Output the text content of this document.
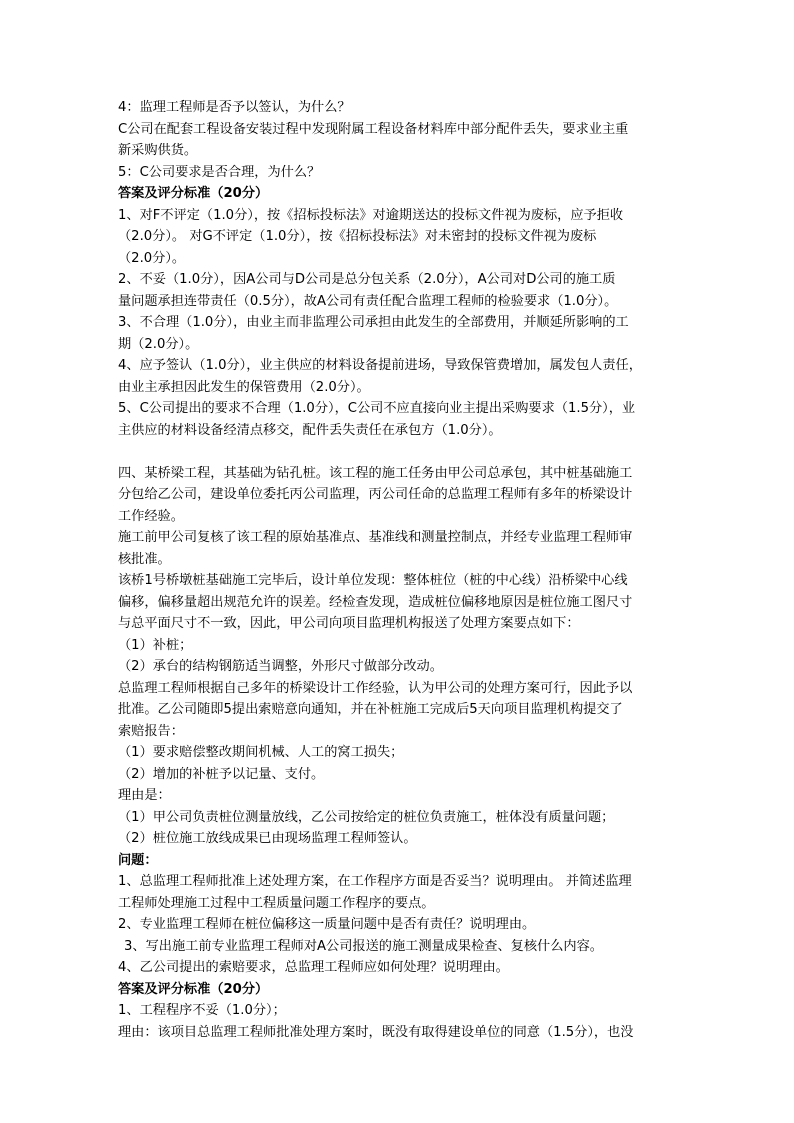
4：监理工程师是否予以签认，为什么？

C公司在配套工程设备安装过程中发现附属工程设备材料库中部分配件丢失，要求业主重

新采购供货。

5：C公司要求是否合理，为什么？

答案及评分标准（20分）

1、对F不评定（1.0分），按《招标投标法》对逾期送达的投标文件视为废标，应予拒收

（2.0分）。 对G不评定（1.0分），按《招标投标法》对未密封的投标文件视为废标

（2.0分）。

2、不妥（1.0分），因A公司与D公司是总分包关系（2.0分），A公司对D公司的施工质

量问题承担连带责任（0.5分），故A公司有责任配合监理工程师的检验要求（1.0分）。

3、不合理（1.0分），由业主而非监理公司承担由此发生的全部费用，并顺延所影响的工

期（2.0分）。

4、应予签认（1.0分），业主供应的材料设备提前进场，导致保管费增加，属发包人责任，

由业主承担因此发生的保管费用（2.0分）。

5、C公司提出的要求不合理（1.0分），C公司不应直接向业主提出采购要求（1.5分），业

主供应的材料设备经清点移交，配件丢失责任在承包方（1.0分）。

四、某桥梁工程，其基础为钻孔桩。该工程的施工任务由甲公司总承包，其中桩基础施工

分包给乙公司，建设单位委托丙公司监理，丙公司任命的总监理工程师有多年的桥梁设计

工作经验。

施工前甲公司复核了该工程的原始基准点、基准线和测量控制点，并经专业监理工程师审

核批准。

该桥1号桥墩桩基础施工完毕后，设计单位发现：整体桩位（桩的中心线）沿桥梁中心线

偏移，偏移量超出规范允许的误差。经检查发现，造成桩位偏移地原因是桩位施工图尺寸

与总平面尺寸不一致，因此，甲公司向项目监理机构报送了处理方案要点如下：

（1）补桩；

（2）承台的结构钢筋适当调整，外形尺寸做部分改动。

总监理工程师根据自己多年的桥梁设计工作经验，认为甲公司的处理方案可行，因此予以

批准。乙公司随即5提出索赔意向通知，并在补桩施工完成后5天向项目监理机构提交了

索赔报告：

（1）要求赔偿整改期间机械、人工的窝工损失；

（2）增加的补桩予以记量、支付。

理由是：

（1）甲公司负责桩位测量放线，乙公司按给定的桩位负责施工，桩体没有质量问题；

（2）桩位施工放线成果已由现场监理工程师签认。

问题：

1、总监理工程师批准上述处理方案，在工作程序方面是否妥当？说明理由。 并简述监理

工程师处理施工过程中工程质量问题工作程序的要点。

2、专业监理工程师在桩位偏移这一质量问题中是否有责任？说明理由。

3、写出施工前专业监理工程师对A公司报送的施工测量成果检查、复核什么内容。

4、乙公司提出的索赔要求，总监理工程师应如何处理？说明理由。

答案及评分标准（20分）

1、工程程序不妥（1.0分）；

理由：该项目总监理工程师批准处理方案时，既没有取得建设单位的同意（1.5分），也没
